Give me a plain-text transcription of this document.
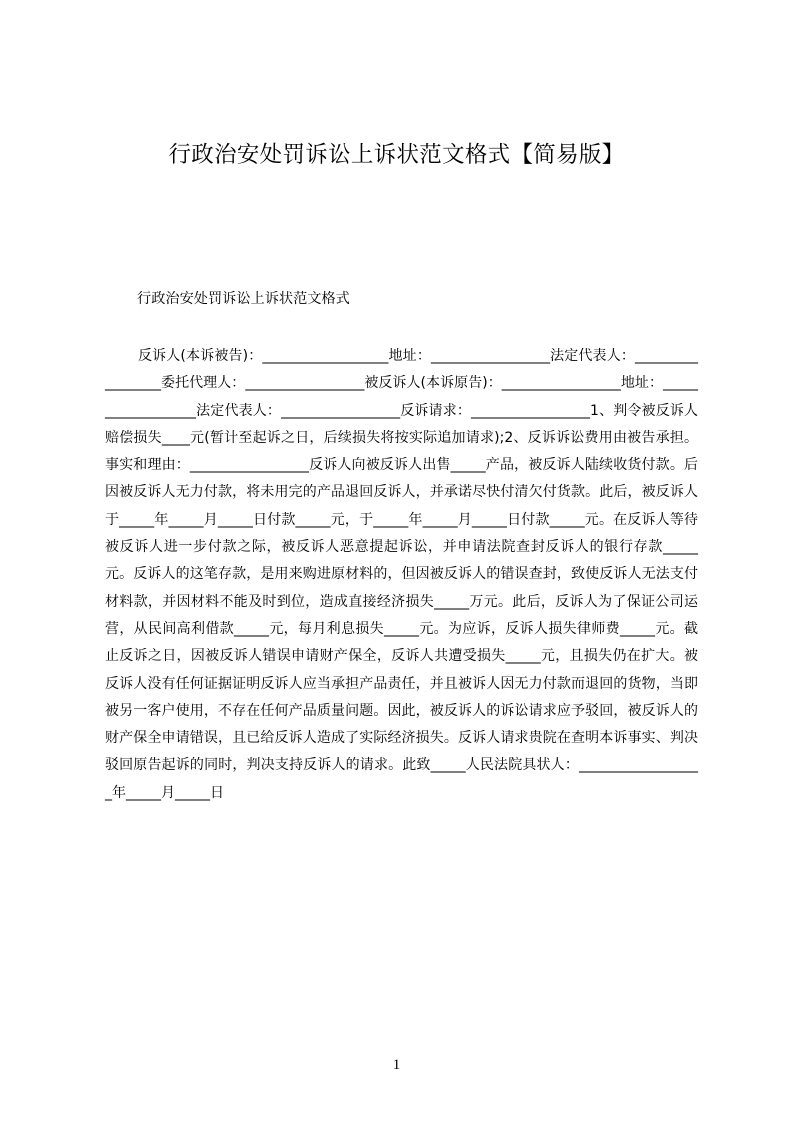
行政治安处罚诉讼上诉状范文格式【简易版】

行政治安处罚诉讼上诉状范文格式

反诉人(本诉被告)：__________________地址：_________________法定代表人：_________________委托代理人：_________________被反诉人(本诉原告)：_________________地址：__________________法定代表人：_________________反诉请求：_________________1、判令被反诉人赔偿损失____元(暂计至起诉之日，后续损失将按实际追加请求);2、反诉诉讼费用由被告承担。事实和理由：_________________反诉人向被反诉人出售_____产品，被反诉人陆续收货付款。后因被反诉人无力付款，将未用完的产品退回反诉人，并承诺尽快付清欠付货款。此后，被反诉人于_____年_____月_____日付款_____元，于_____年_____月_____日付款_____元。在反诉人等待被反诉人进一步付款之际，被反诉人恶意提起诉讼，并申请法院查封反诉人的银行存款_____元。反诉人的这笔存款，是用来购进原材料的，但因被反诉人的错误查封，致使反诉人无法支付材料款，并因材料不能及时到位，造成直接经济损失_____万元。此后，反诉人为了保证公司运营，从民间高利借款_____元，每月利息损失_____元。为应诉，反诉人损失律师费_____元。截止反诉之日，因被反诉人错误申请财产保全，反诉人共遭受损失_____元，且损失仍在扩大。被反诉人没有任何证据证明反诉人应当承担产品责任，并且被诉人因无力付款而退回的货物，当即被另一客户使用，不存在任何产品质量问题。因此，被反诉人的诉讼请求应予驳回，被反诉人的财产保全申请错误，且已给反诉人造成了实际经济损失。反诉人请求贵院在查明本诉事实、判决驳回原告起诉的同时，判决支持反诉人的请求。此致_____人民法院具状人：__________________年_____月_____日

1
